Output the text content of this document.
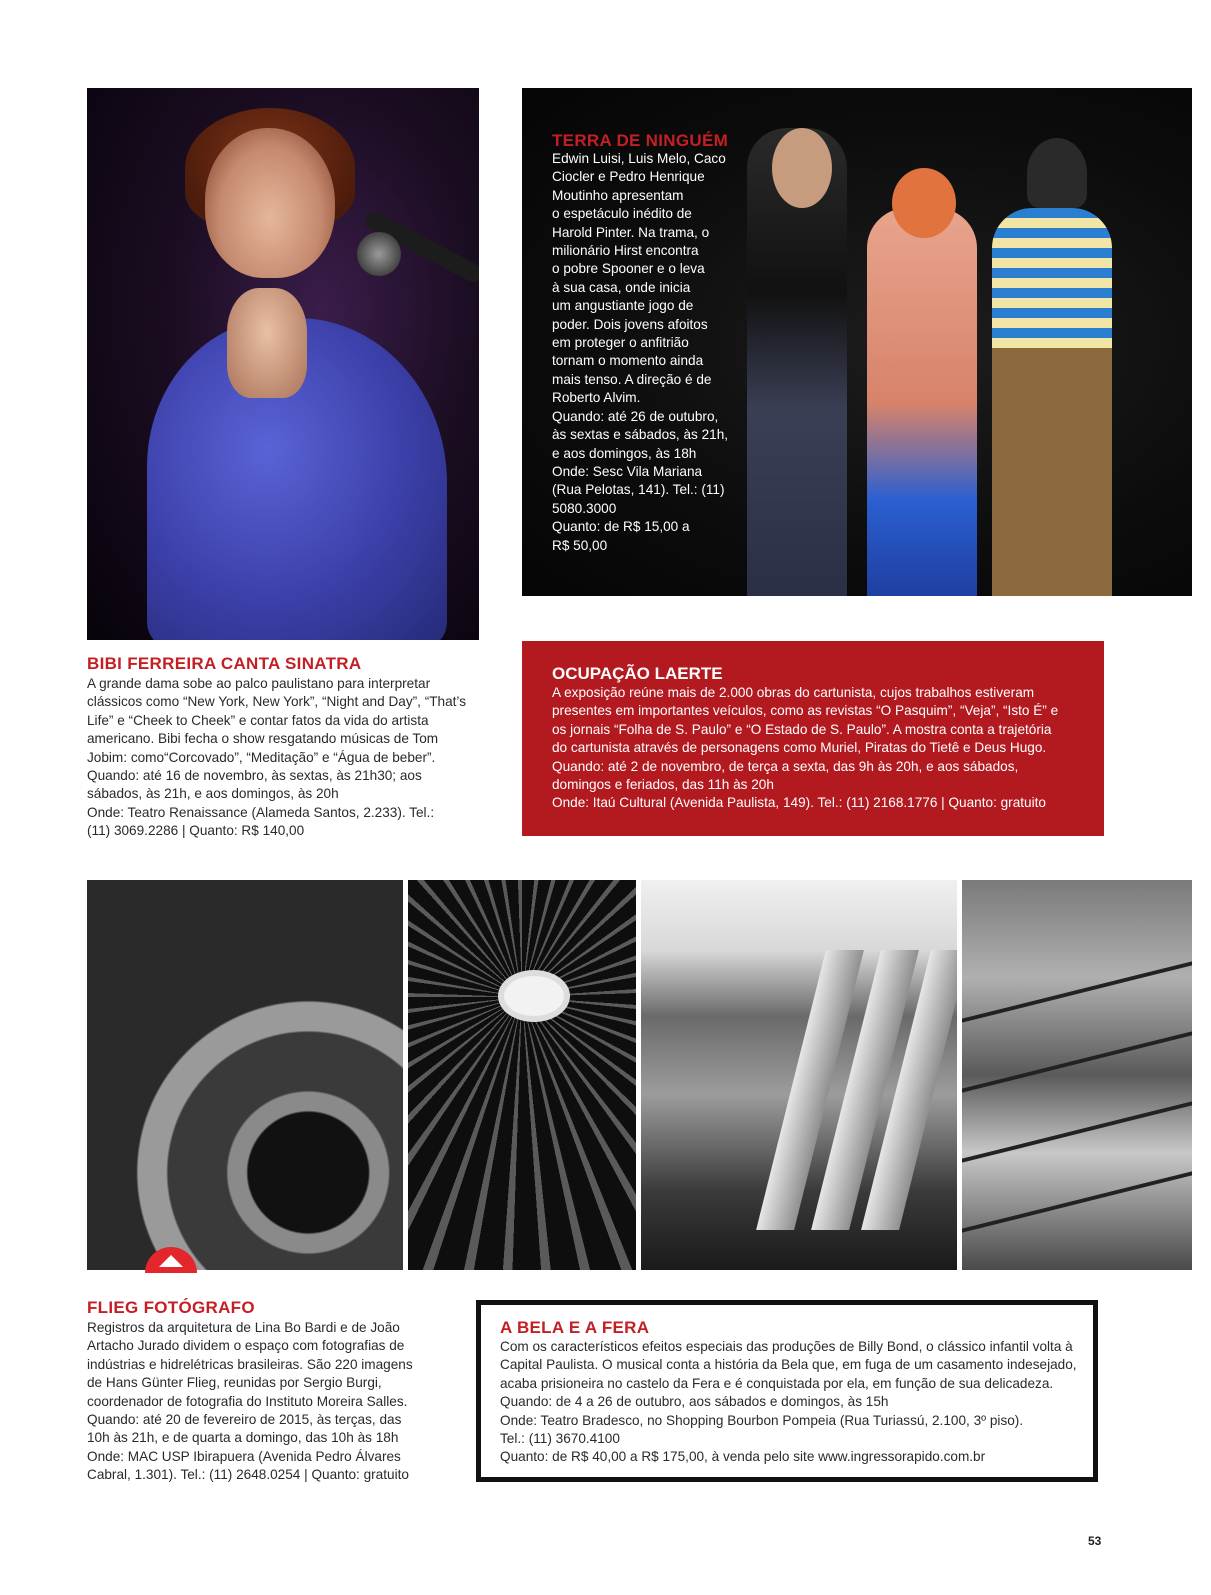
BIBI FERREIRA CANTA SINATRA
A grande dama sobe ao palco paulistano para interpretar
clássicos como “New York, New York”, “Night and Day”, “That’s
Life” e “Cheek to Cheek” e contar fatos da vida do artista
americano. Bibi fecha o show resgatando músicas de Tom
Jobim: como“Corcovado”, “Meditação” e “Água de beber”.
Quando: até 16 de novembro, às sextas, às 21h30; aos
sábados, às 21h, e aos domingos, às 20h
Onde: Teatro Renaissance (Alameda Santos, 2.233). Tel.:
(11) 3069.2286 | Quanto: R$ 140,00
TERRA DE NINGUÉM
Edwin Luisi, Luis Melo, Caco
Ciocler e Pedro Henrique
Moutinho apresentam
o espetáculo inédito de
Harold Pinter. Na trama, o
milionário Hirst encontra
o pobre Spooner e o leva
à sua casa, onde inicia
um angustiante jogo de
poder. Dois jovens afoitos
em proteger o anfitrião
tornam o momento ainda
mais tenso. A direção é de
Roberto Alvim.
Quando: até 26 de outubro,
às sextas e sábados, às 21h,
e aos domingos, às 18h
Onde: Sesc Vila Mariana
(Rua Pelotas, 141). Tel.: (11)
5080.3000
Quanto: de R$ 15,00 a
R$ 50,00
OCUPAÇÃO LAERTE
A exposição reúne mais de 2.000 obras do cartunista, cujos trabalhos estiveram
presentes em importantes veículos, como as revistas “O Pasquim”, “Veja”, “Isto É” e
os jornais “Folha de S. Paulo” e “O Estado de S. Paulo”. A mostra conta a trajetória
do cartunista através de personagens como Muriel, Piratas do Tietê e Deus Hugo.
Quando: até 2 de novembro, de terça a sexta, das 9h às 20h, e aos sábados,
domingos e feriados, das 11h às 20h
Onde: Itaú Cultural (Avenida Paulista, 149). Tel.: (11) 2168.1776 | Quanto: gratuito
FLIEG FOTÓGRAFO
Registros da arquitetura de Lina Bo Bardi e de João
Artacho Jurado dividem o espaço com fotografias de
indústrias e hidrelétricas brasileiras. São 220 imagens
de Hans Günter Flieg, reunidas por Sergio Burgi,
coordenador de fotografia do Instituto Moreira Salles.
Quando: até 20 de fevereiro de 2015, às terças, das
10h às 21h, e de quarta a domingo, das 10h às 18h
Onde: MAC USP Ibirapuera (Avenida Pedro Álvares
Cabral, 1.301). Tel.: (11) 2648.0254 | Quanto: gratuito
A BELA E A FERA
Com os característicos efeitos especiais das produções de Billy Bond, o clássico infantil volta à
Capital Paulista. O musical conta a história da Bela que, em fuga de um casamento indesejado,
acaba prisioneira no castelo da Fera e é conquistada por ela, em função de sua delicadeza.
Quando: de 4 a 26 de outubro, aos sábados e domingos, às 15h
Onde: Teatro Bradesco, no Shopping Bourbon Pompeia (Rua Turiassú, 2.100, 3º piso).
Tel.: (11) 3670.4100
Quanto: de R$ 40,00 a R$ 175,00, à venda pelo site www.ingressorapido.com.br
53
